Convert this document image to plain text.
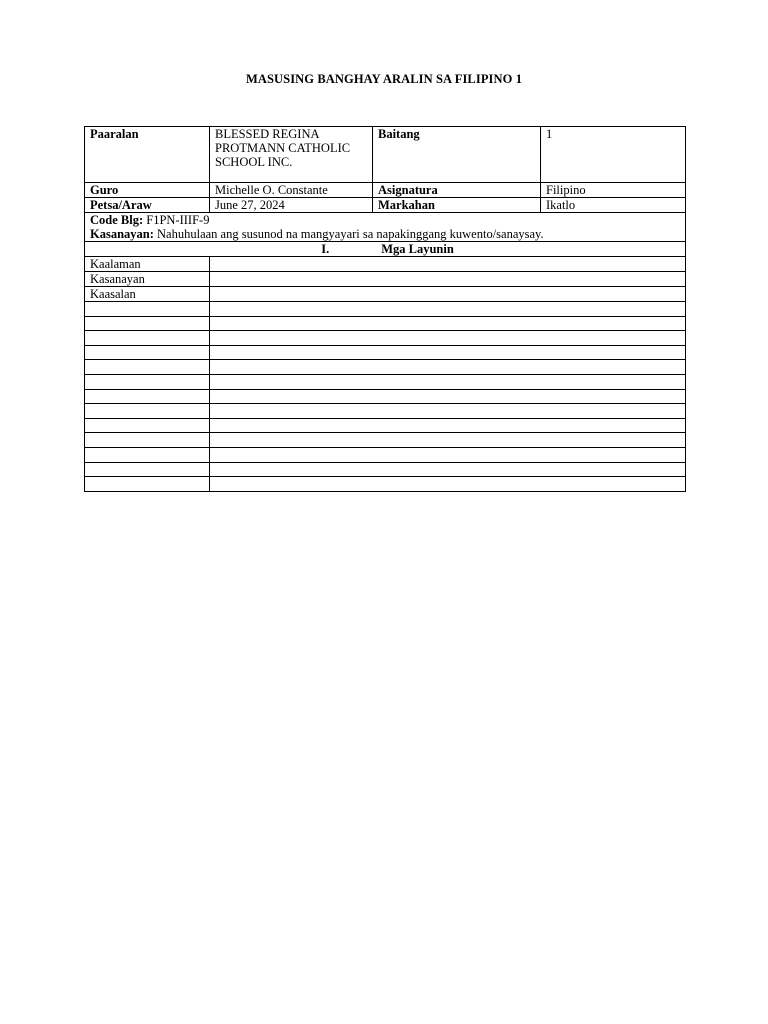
MASUSING BANGHAY ARALIN SA FILIPINO 1
Paaralan	BLESSED REGINA PROTMANN CATHOLIC SCHOOL INC.	Baitang	1
Guro	Michelle O. Constante	Asignatura	Filipino
Petsa/Araw	June 27, 2024	Markahan	Ikatlo

Code Blg: F1PN-IIIF-9
Kasanayan: Nahuhulaan ang susunod na mangyayari sa napakinggang kuwento/sanaysay.			

I. Mga Layunin			
Kaalaman			
Kasanayan			
Kaasalan			
